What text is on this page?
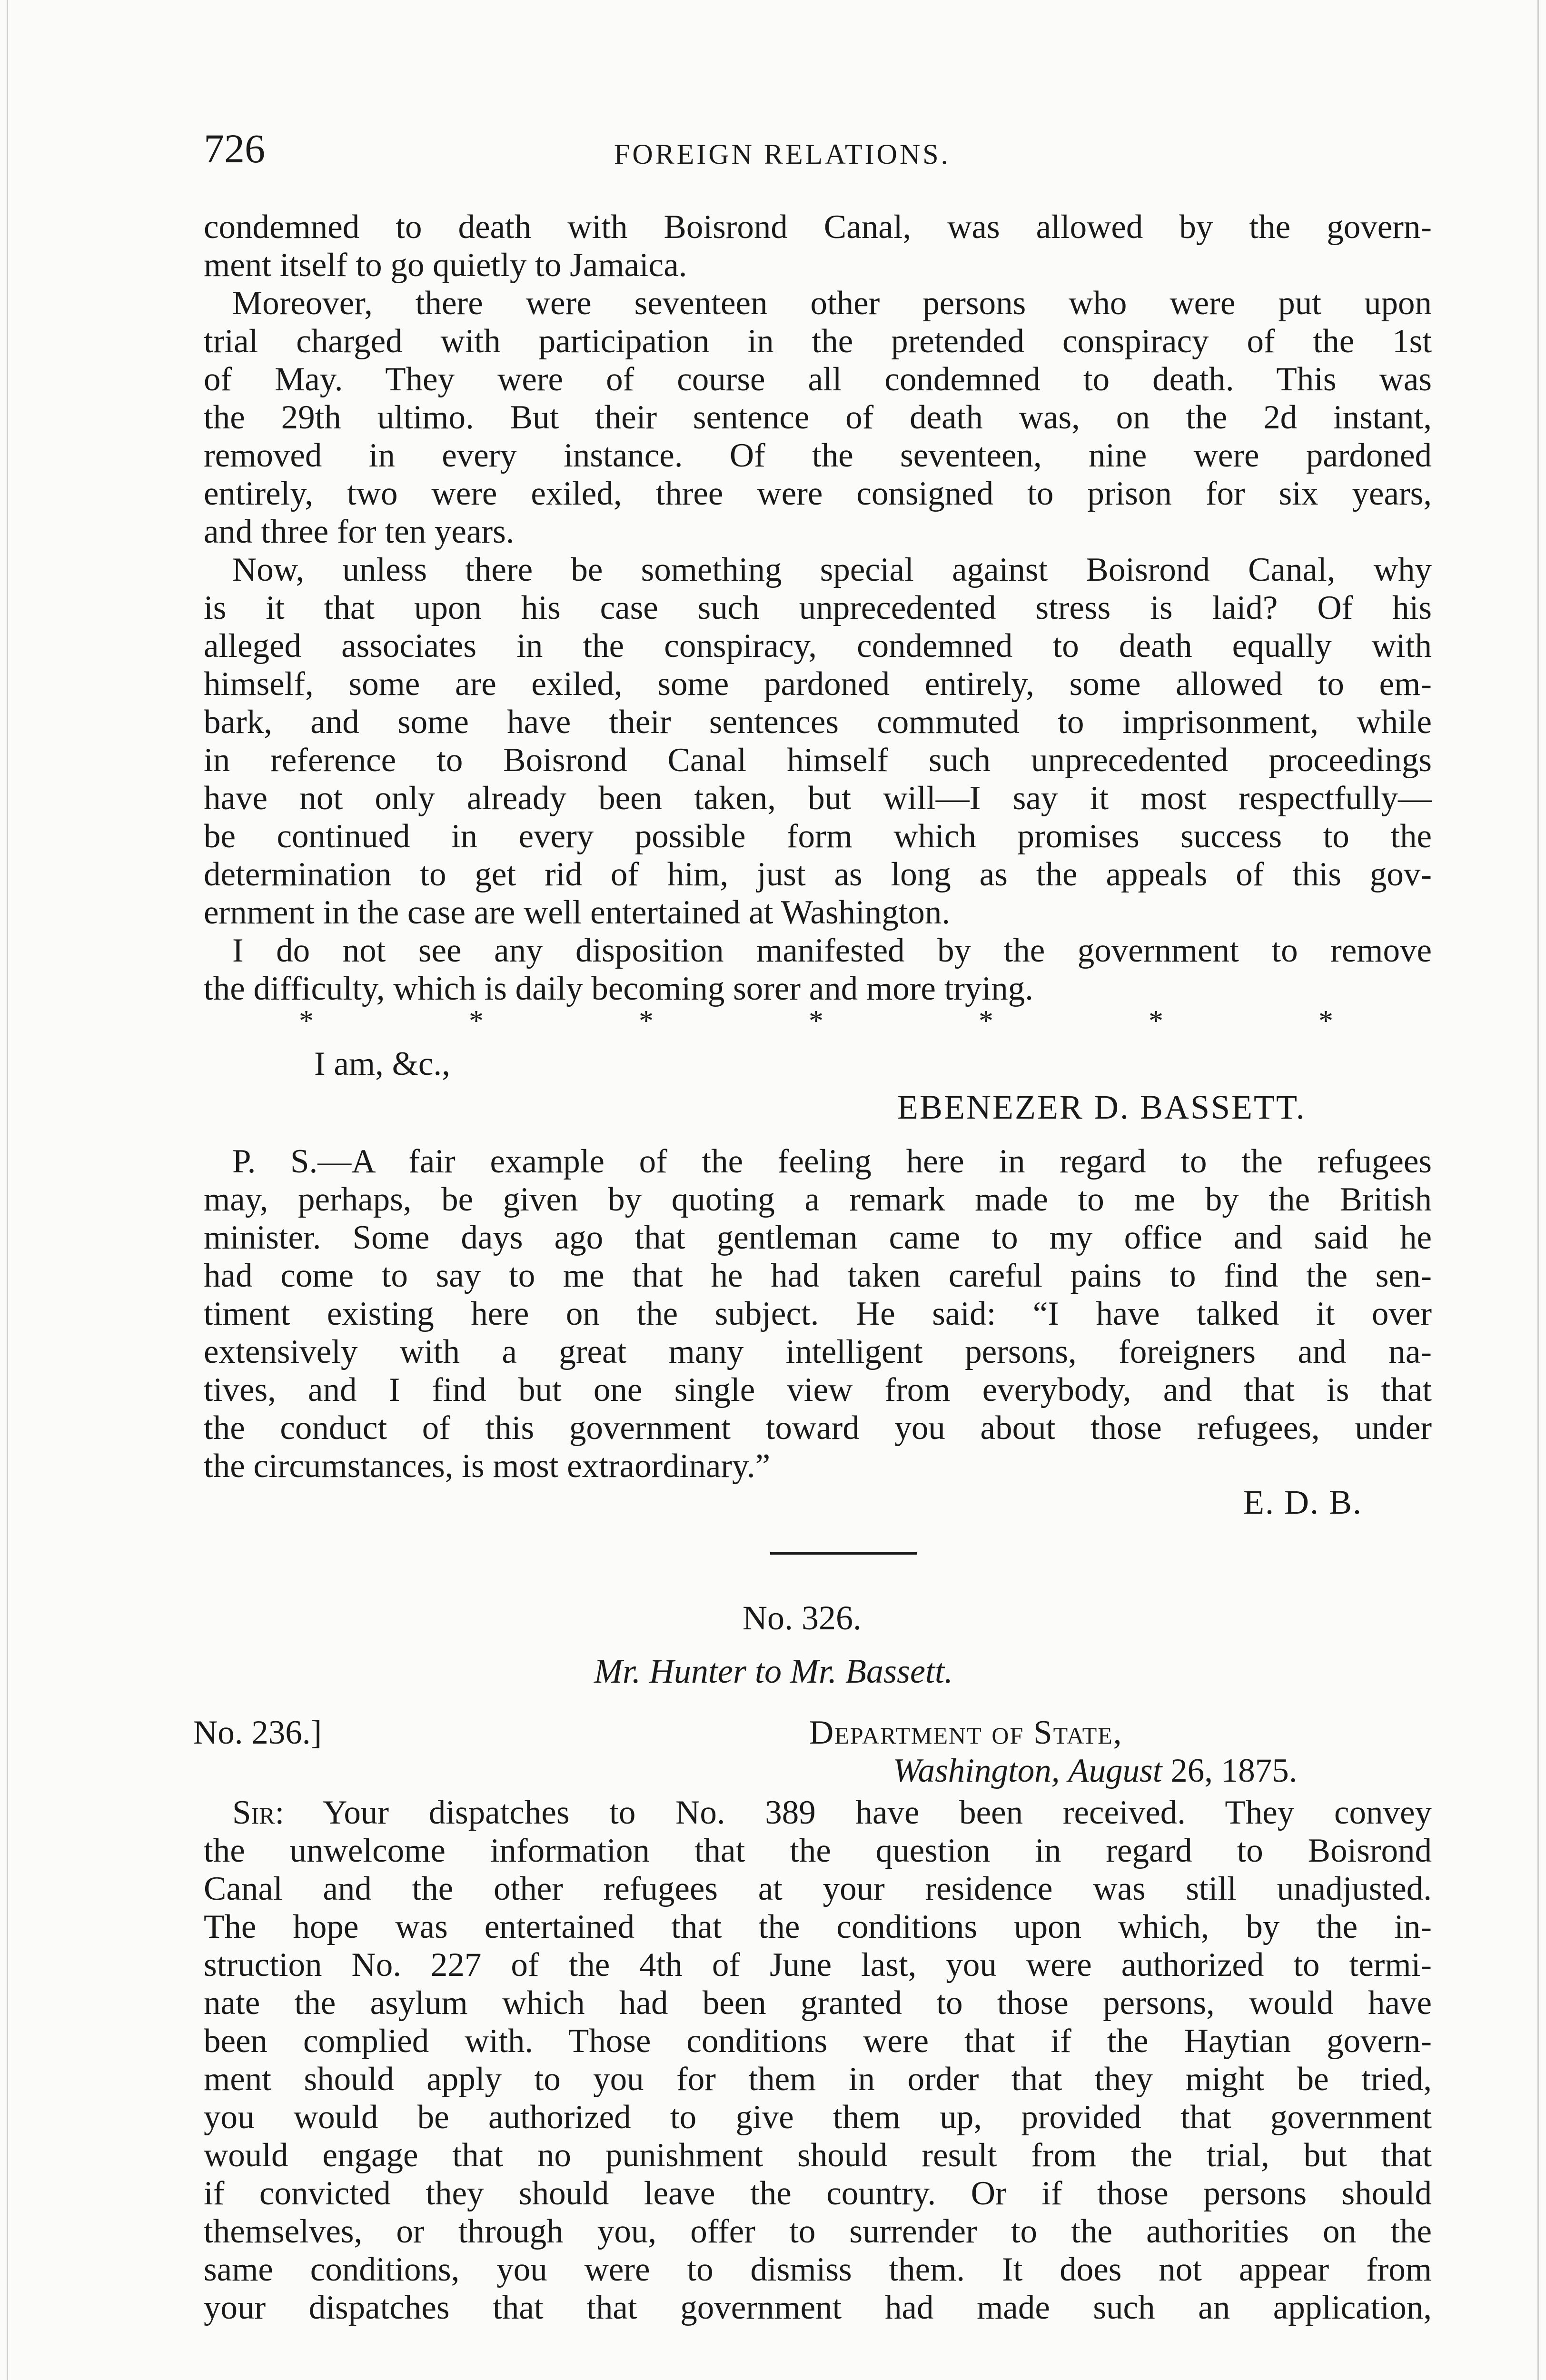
726	FOREIGN RELATIONS.
condemned to death with Boisrond Canal, was allowed by the govern-
ment itself to go quietly to Jamaica.
Moreover, there were seventeen other persons who were put upon
trial charged with participation in the pretended conspiracy of the 1st
of May. They were of course all condemned to death. This was
the 29th ultimo. But their sentence of death was, on the 2d instant,
removed in every instance. Of the seventeen, nine were pardoned
entirely, two were exiled, three were consigned to prison for six years,
and three for ten years.
Now, unless there be something special against Boisrond Canal, why
is it that upon his case such unprecedented stress is laid? Of his
alleged associates in the conspiracy, condemned to death equally with
himself, some are exiled, some pardoned entirely, some allowed to em-
bark, and some have their sentences commuted to imprisonment, while
in reference to Boisrond Canal himself such unprecedented proceedings
have not only already been taken, but will—I say it most respectfully—
be continued in every possible form which promises success to the
determination to get rid of him, just as long as the appeals of this gov-
ernment in the case are well entertained at Washington.
I do not see any disposition manifested by the government to remove
the difficulty, which is daily becoming sorer and more trying.
*	*	*	*	*	*	*
I am, &c.,
EBENEZER D. BASSETT.
P. S.—A fair example of the feeling here in regard to the refugees
may, perhaps, be given by quoting a remark made to me by the British
minister. Some days ago that gentleman came to my office and said he
had come to say to me that he had taken careful pains to find the sen-
timent existing here on the subject. He said: “I have talked it over
extensively with a great many intelligent persons, foreigners and na-
tives, and I find but one single view from everybody, and that is that
the conduct of this government toward you about those refugees, under
the circumstances, is most extraordinary.”
E. D. B.
No. 326.
Mr. Hunter to Mr. Bassett.
No. 236.]	Department of State,
Washington, August 26, 1875.
Sir: Your dispatches to No. 389 have been received. They convey
the unwelcome information that the question in regard to Boisrond
Canal and the other refugees at your residence was still unadjusted.
The hope was entertained that the conditions upon which, by the in-
struction No. 227 of the 4th of June last, you were authorized to termi-
nate the asylum which had been granted to those persons, would have
been complied with. Those conditions were that if the Haytian govern-
ment should apply to you for them in order that they might be tried,
you would be authorized to give them up, provided that government
would engage that no punishment should result from the trial, but that
if convicted they should leave the country. Or if those persons should
themselves, or through you, offer to surrender to the authorities on the
same conditions, you were to dismiss them. It does not appear from
your dispatches that that government had made such an application,
